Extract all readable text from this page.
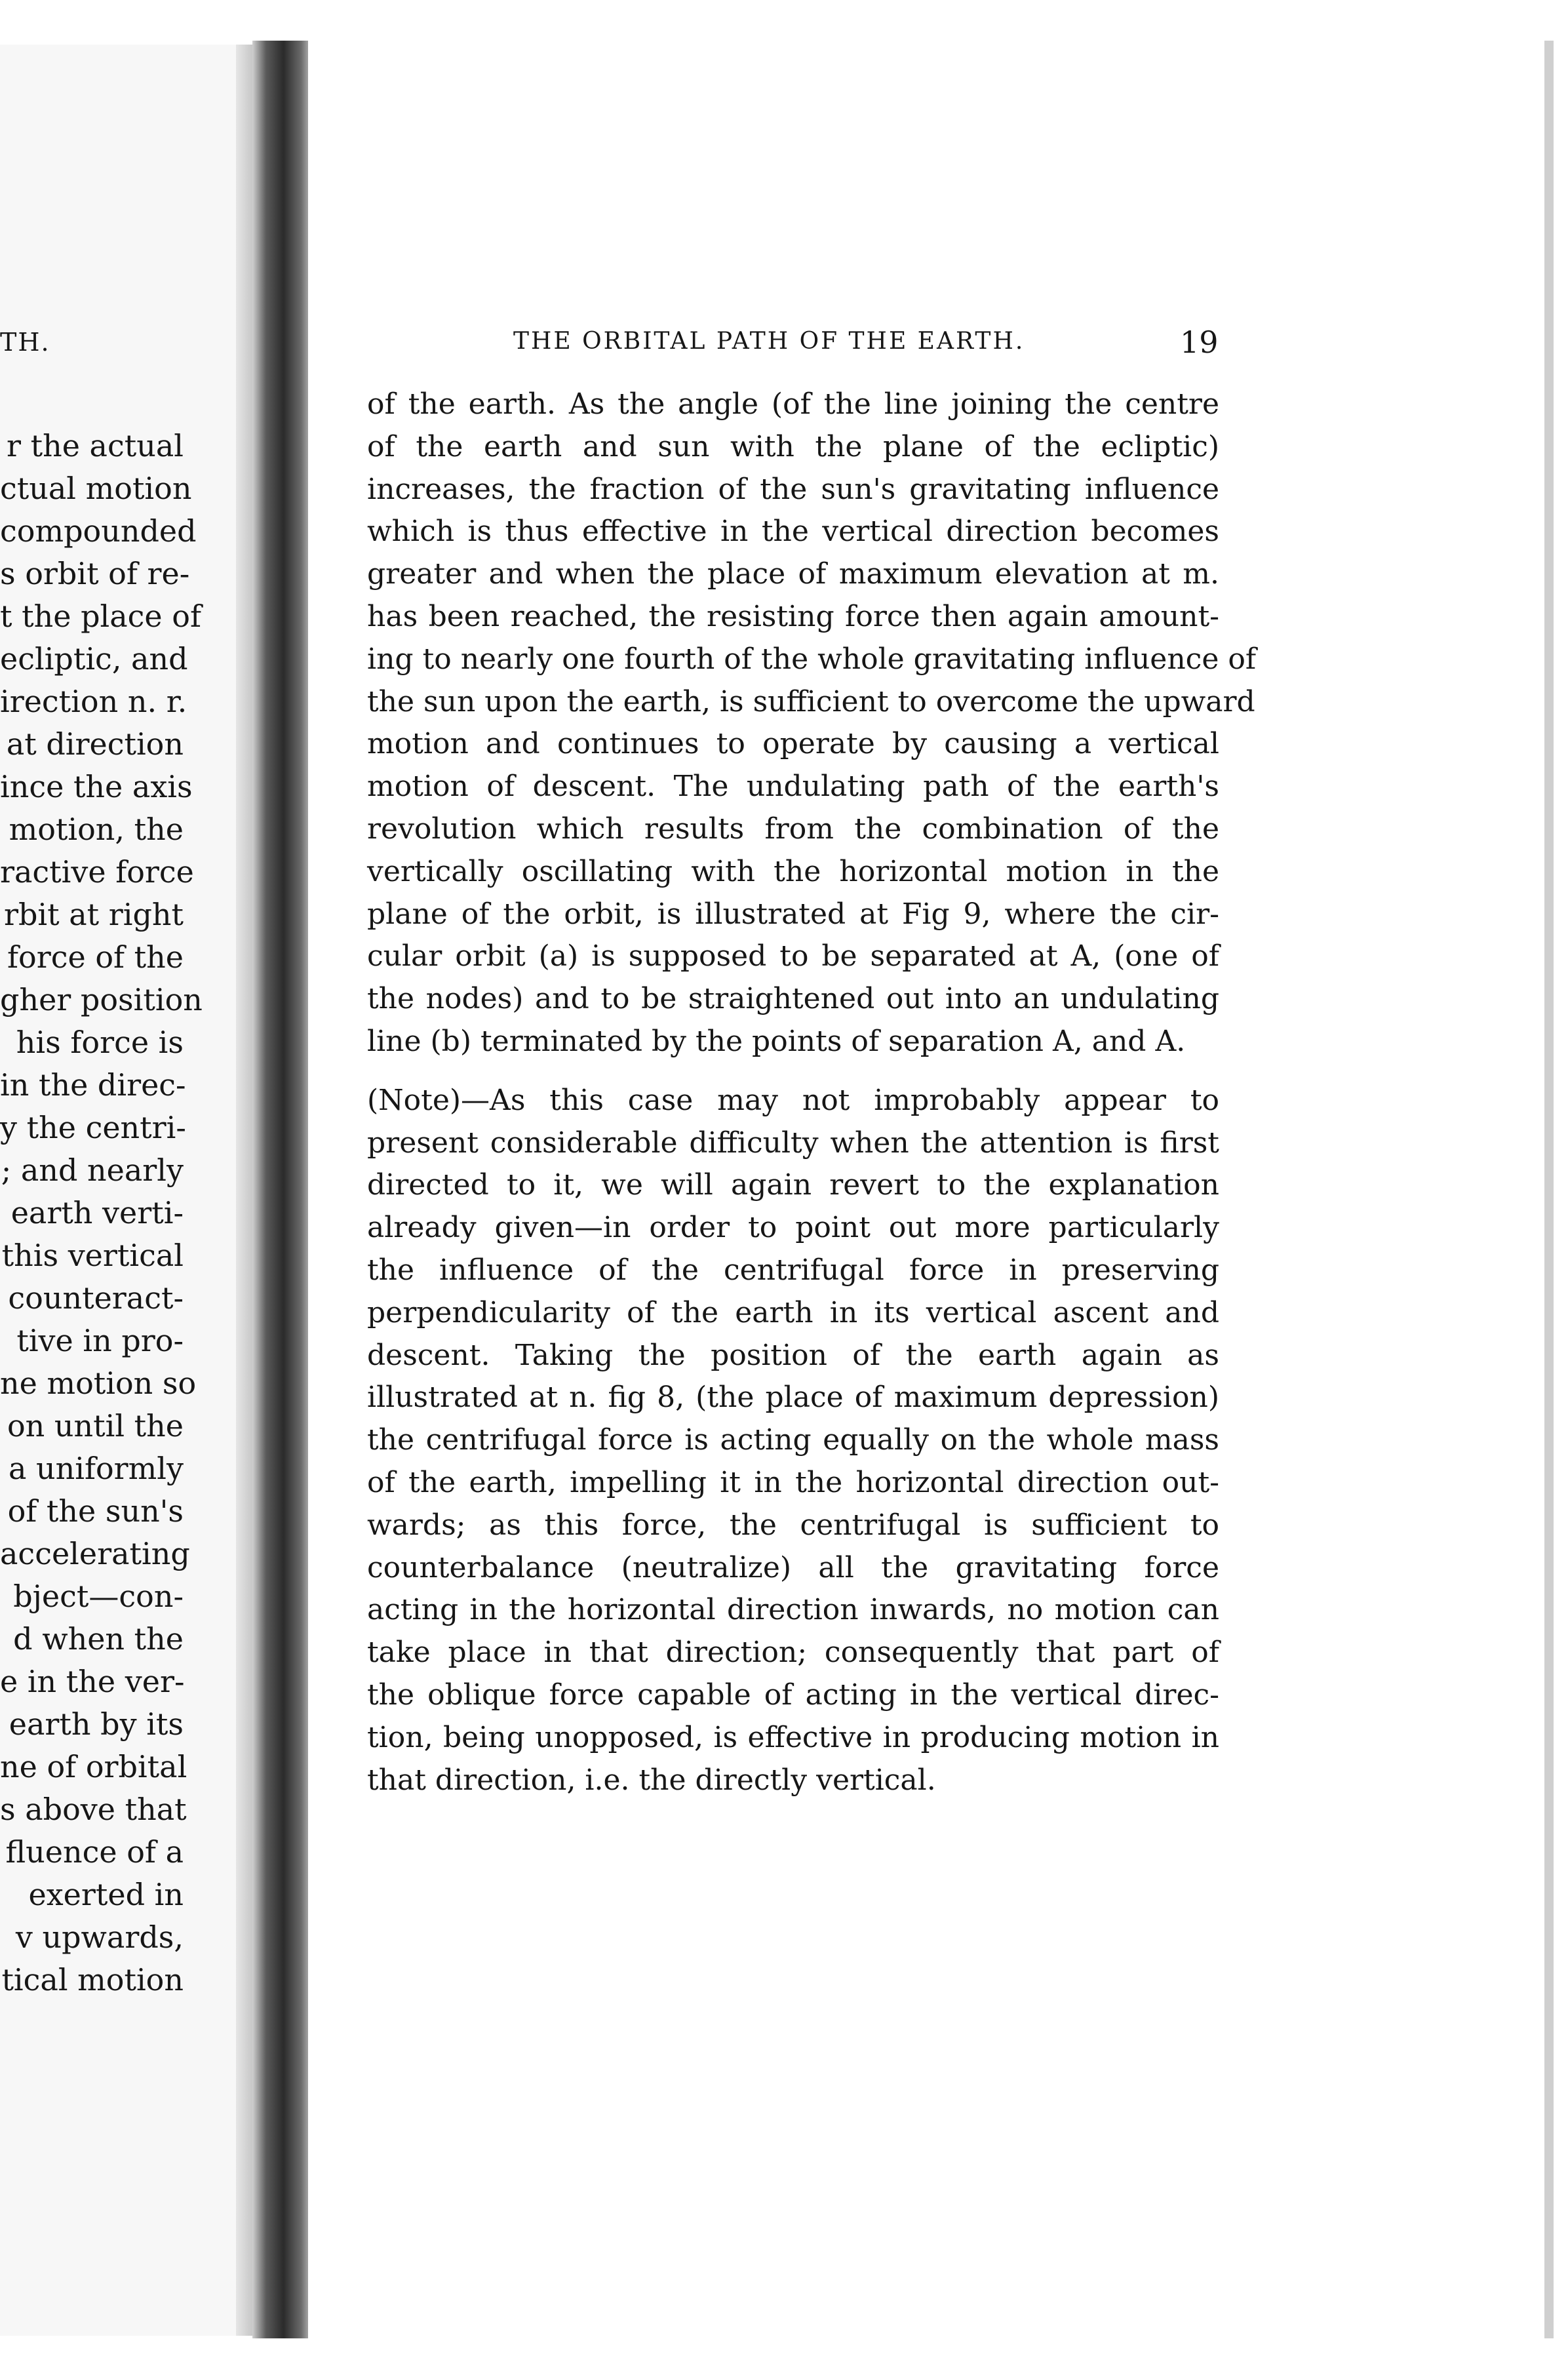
TH.
r the actual
ctual motion
compounded
s orbit of re-
t the place of
ecliptic, and
irection n. r.
at direction
ince the axis
motion, the
ractive force
rbit at right
force of the
gher position
his force is
in the direc-
y the centri-
; and nearly
earth verti-
this vertical
counteract-
tive in pro-
ne motion so
on until the
a uniformly
of the sun's
accelerating
bject—con-
d when the
e in the ver-
earth by its
ne of orbital
s above that
fluence of a
exerted in
v upwards,
tical motion
THE ORBITAL PATH OF THE EARTH.	19
of the earth. As the angle (of the line joining the centre
of the earth and sun with the plane of the ecliptic)
increases, the fraction of the sun's gravitating influence
which is thus effective in the vertical direction becomes
greater and when the place of maximum elevation at m.
has been reached, the resisting force then again amount-
ing to nearly one fourth of the whole gravitating influence of
the sun upon the earth, is sufficient to overcome the upward
motion and continues to operate by causing a vertical
motion of descent. The undulating path of the earth's
revolution which results from the combination of the
vertically oscillating with the horizontal motion in the
plane of the orbit, is illustrated at Fig 9, where the cir-
cular orbit (a) is supposed to be separated at A, (one of
the nodes) and to be straightened out into an undulating
line (b) terminated by the points of separation A, and A.
(Note)—As this case may not improbably appear to
present considerable difficulty when the attention is first
directed to it, we will again revert to the explanation
already given—in order to point out more particularly
the influence of the centrifugal force in preserving
perpendicularity of the earth in its vertical ascent and
descent. Taking the position of the earth again as
illustrated at n. fig 8, (the place of maximum depression)
the centrifugal force is acting equally on the whole mass
of the earth, impelling it in the horizontal direction out-
wards; as this force, the centrifugal is sufficient to
counterbalance (neutralize) all the gravitating force
acting in the horizontal direction inwards, no motion can
take place in that direction; consequently that part of
the oblique force capable of acting in the vertical direc-
tion, being unopposed, is effective in producing motion in
that direction, i.e. the directly vertical.
